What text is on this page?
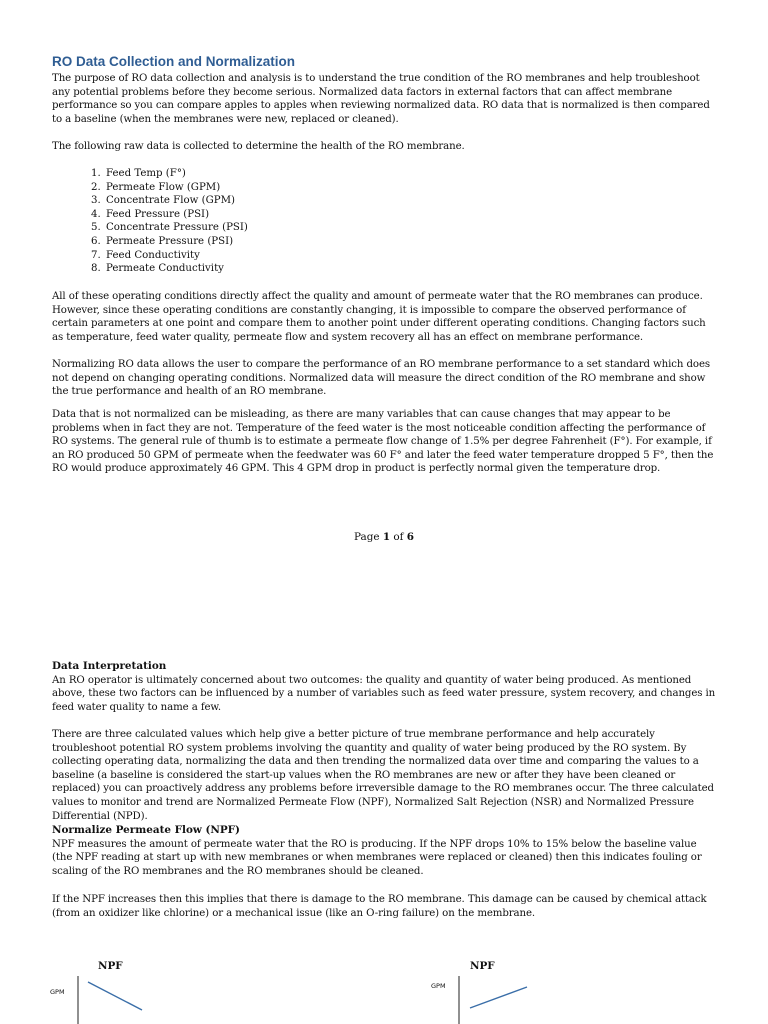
RO Data Collection and Normalization

The purpose of RO data collection and analysis is to understand the true condition of the RO membranes and help troubleshoot any potential problems before they become serious. Normalized data factors in external factors that can affect membrane performance so you can compare apples to apples when reviewing normalized data. RO data that is normalized is then compared to a baseline (when the membranes were new, replaced or cleaned).

The following raw data is collected to determine the health of the RO membrane.

1. Feed Temp (F°)
2. Permeate Flow (GPM)
3. Concentrate Flow (GPM)
4. Feed Pressure (PSI)
5. Concentrate Pressure (PSI)
6. Permeate Pressure (PSI)
7. Feed Conductivity
8. Permeate Conductivity

All of these operating conditions directly affect the quality and amount of permeate water that the RO membranes can produce. However, since these operating conditions are constantly changing, it is impossible to compare the observed performance of certain parameters at one point and compare them to another point under different operating conditions. Changing factors such as temperature, feed water quality, permeate flow and system recovery all has an effect on membrane performance.

Normalizing RO data allows the user to compare the performance of an RO membrane performance to a set standard which does not depend on changing operating conditions. Normalized data will measure the direct condition of the RO membrane and show the true performance and health of an RO membrane.

Data that is not normalized can be misleading, as there are many variables that can cause changes that may appear to be problems when in fact they are not. Temperature of the feed water is the most noticeable condition affecting the performance of RO systems. The general rule of thumb is to estimate a permeate flow change of 1.5% per degree Fahrenheit (F°). For example, if an RO produced 50 GPM of permeate when the feedwater was 60 F° and later the feed water temperature dropped 5 F°, then the RO would produce approximately 46 GPM. This 4 GPM drop in product is perfectly normal given the temperature drop.

Page 1 of 6

Data Interpretation

An RO operator is ultimately concerned about two outcomes: the quality and quantity of water being produced. As mentioned above, these two factors can be influenced by a number of variables such as feed water pressure, system recovery, and changes in feed water quality to name a few.

There are three calculated values which help give a better picture of true membrane performance and help accurately troubleshoot potential RO system problems involving the quantity and quality of water being produced by the RO system. By collecting operating data, normalizing the data and then trending the normalized data over time and comparing the values to a baseline (a baseline is considered the start-up values when the RO membranes are new or after they have been cleaned or replaced) you can proactively address any problems before irreversible damage to the RO membranes occur. The three calculated values to monitor and trend are Normalized Permeate Flow (NPF), Normalized Salt Rejection (NSR) and Normalized Pressure Differential (NPD).

Normalize Permeate Flow (NPF)

NPF measures the amount of permeate water that the RO is producing. If the NPF drops 10% to 15% below the baseline value (the NPF reading at start up with new membranes or when membranes were replaced or cleaned) then this indicates fouling or scaling of the RO membranes and the RO membranes should be cleaned.

If the NPF increases then this implies that there is damage to the RO membrane. This damage can be caused by chemical attack (from an oxidizer like chlorine) or a mechanical issue (like an O-ring failure) on the membrane.

NPF
GPM
NPF
GPM
